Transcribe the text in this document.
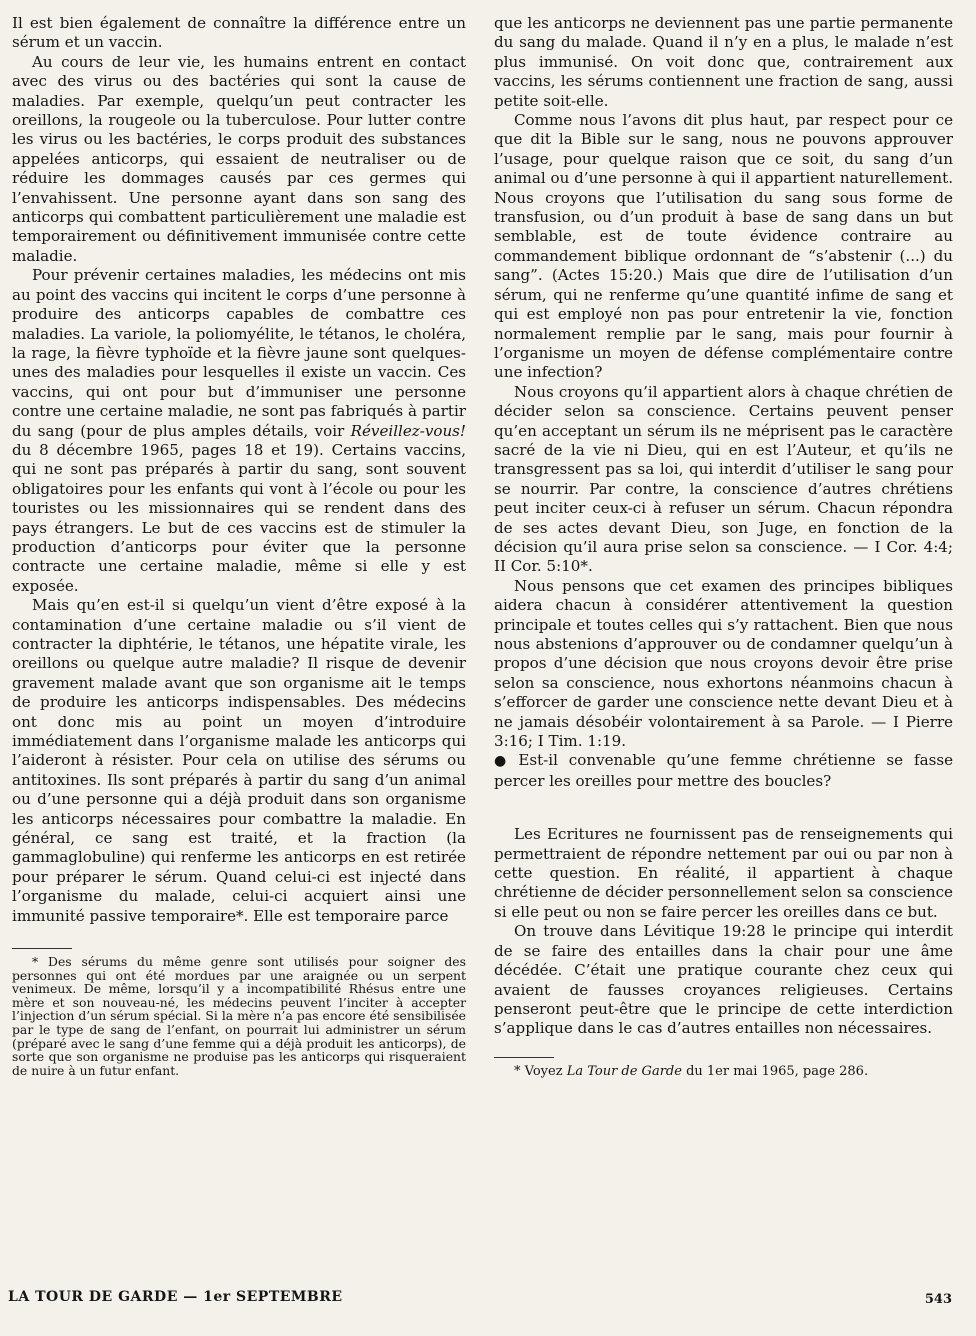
Il est bien également de connaître la différence entre un sérum et un vaccin.

Au cours de leur vie, les humains entrent en contact avec des virus ou des bactéries qui sont la cause de maladies. Par exemple, quelqu’un peut contracter les oreillons, la rougeole ou la tuberculose. Pour lutter contre les virus ou les bactéries, le corps produit des substances appelées anticorps, qui essaient de neutraliser ou de réduire les dommages causés par ces germes qui l’envahissent. Une personne ayant dans son sang des anticorps qui combattent particulièrement une maladie est temporairement ou définitivement immunisée contre cette maladie.

Pour prévenir certaines maladies, les médecins ont mis au point des vaccins qui incitent le corps d’une personne à produire des anticorps capables de combattre ces maladies. La variole, la poliomyélite, le tétanos, le choléra, la rage, la fièvre typhoïde et la fièvre jaune sont quelques-unes des maladies pour lesquelles il existe un vaccin. Ces vaccins, qui ont pour but d’immuniser une personne contre une certaine maladie, ne sont pas fabriqués à partir du sang (pour de plus amples détails, voir Réveillez-vous! du 8 décembre 1965, pages 18 et 19). Certains vaccins, qui ne sont pas préparés à partir du sang, sont souvent obligatoires pour les enfants qui vont à l’école ou pour les touristes ou les missionnaires qui se rendent dans des pays étrangers. Le but de ces vaccins est de stimuler la production d’anticorps pour éviter que la personne contracte une certaine maladie, même si elle y est exposée.

Mais qu’en est-il si quelqu’un vient d’être exposé à la contamination d’une certaine maladie ou s’il vient de contracter la diphtérie, le tétanos, une hépatite virale, les oreillons ou quelque autre maladie? Il risque de devenir gravement malade avant que son organisme ait le temps de produire les anticorps indispensables. Des médecins ont donc mis au point un moyen d’introduire immédiatement dans l’organisme malade les anticorps qui l’aideront à résister. Pour cela on utilise des sérums ou antitoxines. Ils sont préparés à partir du sang d’un animal ou d’une personne qui a déjà produit dans son organisme les anticorps nécessaires pour combattre la maladie. En général, ce sang est traité, et la fraction (la gammaglobuline) qui renferme les anticorps en est retirée pour préparer le sérum. Quand celui-ci est injecté dans l’organisme du malade, celui-ci acquiert ainsi une immunité passive temporaire*. Elle est temporaire parce

* Des sérums du même genre sont utilisés pour soigner des personnes qui ont été mordues par une araignée ou un serpent venimeux. De même, lorsqu’il y a incompatibilité Rhésus entre une mère et son nouveau-né, les médecins peuvent l’inciter à accepter l’injection d’un sérum spécial. Si la mère n’a pas encore été sensibilisée par le type de sang de l’enfant, on pourrait lui administrer un sérum (préparé avec le sang d’une femme qui a déjà produit les anticorps), de sorte que son organisme ne produise pas les anticorps qui risqueraient de nuire à un futur enfant.

que les anticorps ne deviennent pas une partie permanente du sang du malade. Quand il n’y en a plus, le malade n’est plus immunisé. On voit donc que, contrairement aux vaccins, les sérums contiennent une fraction de sang, aussi petite soit-elle.

Comme nous l’avons dit plus haut, par respect pour ce que dit la Bible sur le sang, nous ne pouvons approuver l’usage, pour quelque raison que ce soit, du sang d’un animal ou d’une personne à qui il appartient naturellement. Nous croyons que l’utilisation du sang sous forme de transfusion, ou d’un produit à base de sang dans un but semblable, est de toute évidence contraire au commandement biblique ordonnant de “s’abstenir (...) du sang”. (Actes 15:20.) Mais que dire de l’utilisation d’un sérum, qui ne renferme qu’une quantité infime de sang et qui est employé non pas pour entretenir la vie, fonction normalement remplie par le sang, mais pour fournir à l’organisme un moyen de défense complémentaire contre une infection?

Nous croyons qu’il appartient alors à chaque chrétien de décider selon sa conscience. Certains peuvent penser qu’en acceptant un sérum ils ne méprisent pas le caractère sacré de la vie ni Dieu, qui en est l’Auteur, et qu’ils ne transgressent pas sa loi, qui interdit d’utiliser le sang pour se nourrir. Par contre, la conscience d’autres chrétiens peut inciter ceux-ci à refuser un sérum. Chacun répondra de ses actes devant Dieu, son Juge, en fonction de la décision qu’il aura prise selon sa conscience. — I Cor. 4:4; II Cor. 5:10*.

Nous pensons que cet examen des principes bibliques aidera chacun à considérer attentivement la question principale et toutes celles qui s’y rattachent. Bien que nous nous abstenions d’approuver ou de condamner quelqu’un à propos d’une décision que nous croyons devoir être prise selon sa conscience, nous exhortons néanmoins chacun à s’efforcer de garder une conscience nette devant Dieu et à ne jamais désobéir volontairement à sa Parole. — I Pierre 3:16; I Tim. 1:19.

● Est-il convenable qu’une femme chrétienne se fasse percer les oreilles pour mettre des boucles?

Les Ecritures ne fournissent pas de renseignements qui permettraient de répondre nettement par oui ou par non à cette question. En réalité, il appartient à chaque chrétienne de décider personnellement selon sa conscience si elle peut ou non se faire percer les oreilles dans ce but.

On trouve dans Lévitique 19:28 le principe qui interdit de se faire des entailles dans la chair pour une âme décédée. C’était une pratique courante chez ceux qui avaient de fausses croyances religieuses. Certains penseront peut-être que le principe de cette interdiction s’applique dans le cas d’autres entailles non nécessaires.

* Voyez La Tour de Garde du 1er mai 1965, page 286.

LA TOUR DE GARDE — 1er SEPTEMBRE	543
